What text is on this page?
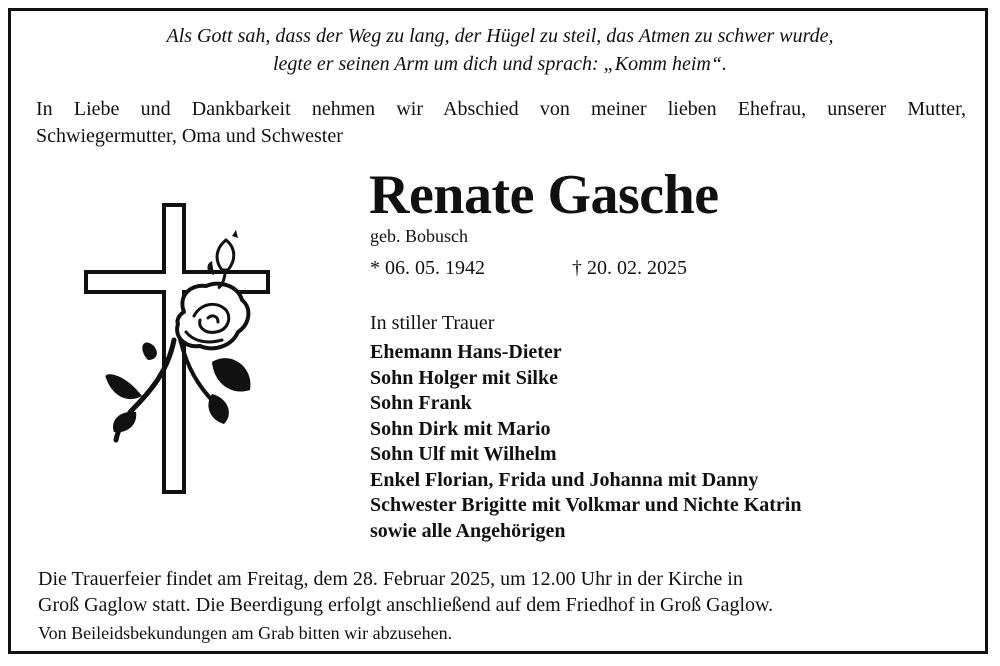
Als Gott sah, dass der Weg zu lang, der Hügel zu steil, das Atmen zu schwer wurde,
legte er seinen Arm um dich und sprach: „Komm heim“.
In Liebe und Dankbarkeit nehmen wir Abschied von meiner lieben Ehefrau, unserer Mutter,
Schwiegermutter, Oma und Schwester
Renate Gasche
geb. Bobusch
* 06. 05. 1942	† 20. 02. 2025
In stiller Trauer
Ehemann Hans-Dieter
Sohn Holger mit Silke
Sohn Frank
Sohn Dirk mit Mario
Sohn Ulf mit Wilhelm
Enkel Florian, Frida und Johanna mit Danny
Schwester Brigitte mit Volkmar und Nichte Katrin
sowie alle Angehörigen
Die Trauerfeier findet am Freitag, dem 28. Februar 2025, um 12.00 Uhr in der Kirche in
Groß Gaglow statt. Die Beerdigung erfolgt anschließend auf dem Friedhof in Groß Gaglow.
Von Beileidsbekundungen am Grab bitten wir abzusehen.
